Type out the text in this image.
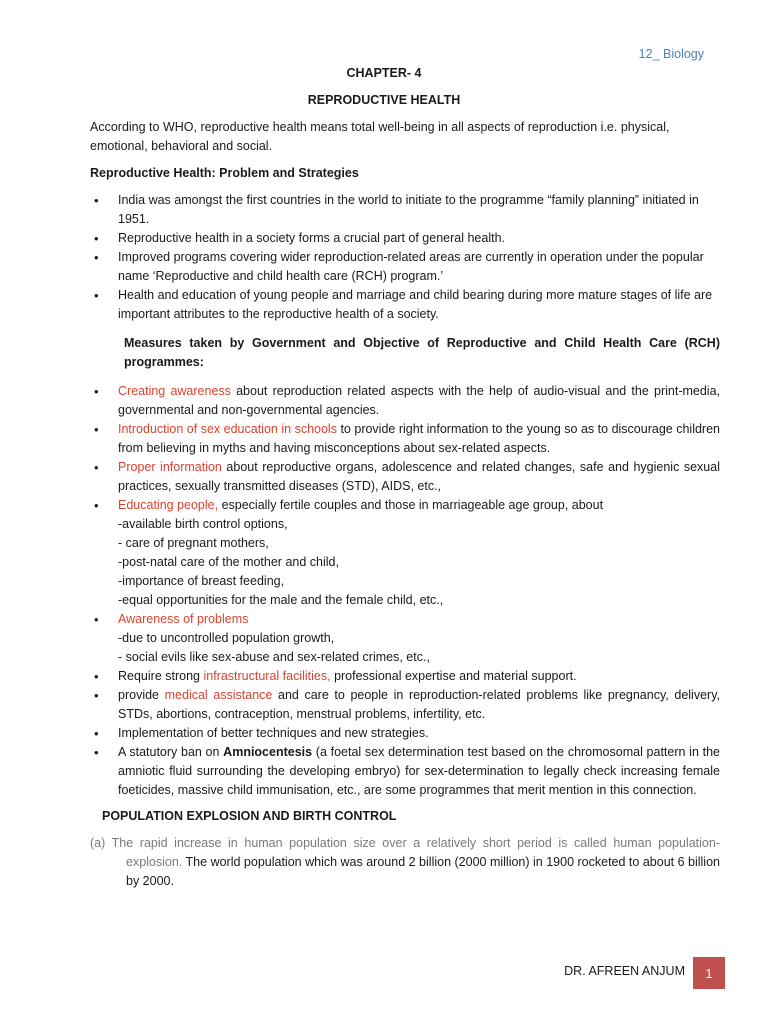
12_ Biology
CHAPTER- 4
REPRODUCTIVE HEALTH

According to WHO, reproductive health means total well-being in all aspects of reproduction i.e. physical, emotional, behavioral and social.

Reproductive Health: Problem and Strategies

• India was amongst the first countries in the world to initiate to the programme “family planning” initiated in 1951.
• Reproductive health in a society forms a crucial part of general health.
• Improved programs covering wider reproduction-related areas are currently in operation under the popular name ‘Reproductive and child health care (RCH) program.’
• Health and education of young people and marriage and child bearing during more mature stages of life are important attributes to the reproductive health of a society.

Measures taken by Government and Objective of Reproductive and Child Health Care (RCH) programmes:

• Creating awareness about reproduction related aspects with the help of audio-visual and the print-media, governmental and non-governmental agencies.
• Introduction of sex education in schools to provide right information to the young so as to discourage children from believing in myths and having misconceptions about sex-related aspects.
• Proper information about reproductive organs, adolescence and related changes, safe and hygienic sexual practices, sexually transmitted diseases (STD), AIDS, etc.,
• Educating people, especially fertile couples and those in marriageable age group, about
-available birth control options,
- care of pregnant mothers,
-post-natal care of the mother and child,
-importance of breast feeding,
-equal opportunities for the male and the female child, etc.,
• Awareness of problems
-due to uncontrolled population growth,
- social evils like sex-abuse and sex-related crimes, etc.,
• Require strong infrastructural facilities, professional expertise and material support.
• provide medical assistance and care to people in reproduction-related problems like pregnancy, delivery, STDs, abortions, contraception, menstrual problems, infertility, etc.
• Implementation of better techniques and new strategies.
• A statutory ban on Amniocentesis (a foetal sex determination test based on the chromosomal pattern in the amniotic fluid surrounding the developing embryo) for sex-determination to legally check increasing female foeticides, massive child immunisation, etc., are some programmes that merit mention in this connection.

POPULATION EXPLOSION AND BIRTH CONTROL

(a) The rapid increase in human population size over a relatively short period is called human population-explosion. The world population which was around 2 billion (2000 million) in 1900 rocketed to about 6 billion by 2000.

DR. AFREEN ANJUM	1
